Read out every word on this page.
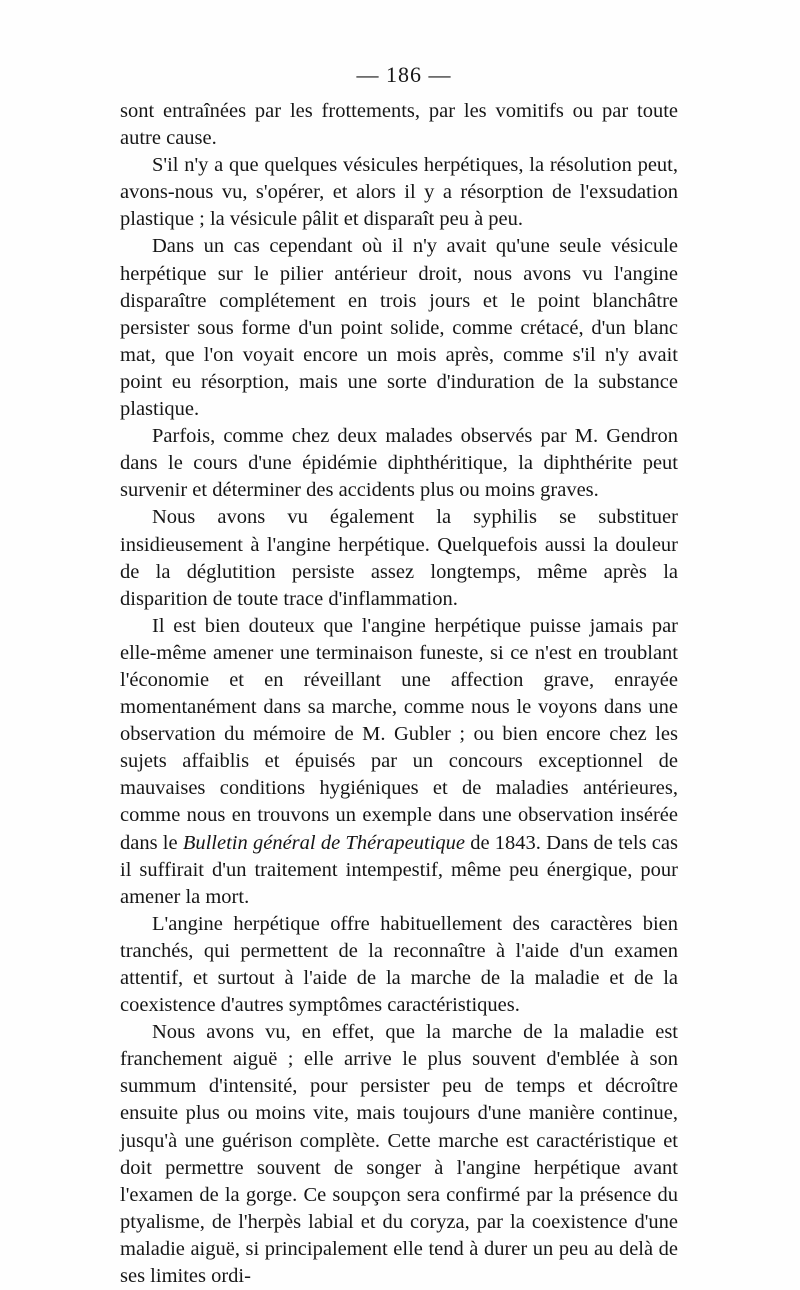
— 186 —

sont entraînées par les frottements, par les vomitifs ou par toute autre cause.

S'il n'y a que quelques vésicules herpétiques, la résolution peut, avons-nous vu, s'opérer, et alors il y a résorption de l'exsudation plastique ; la vésicule pâlit et disparaît peu à peu.

Dans un cas cependant où il n'y avait qu'une seule vésicule herpétique sur le pilier antérieur droit, nous avons vu l'angine disparaître complétement en trois jours et le point blanchâtre persister sous forme d'un point solide, comme crétacé, d'un blanc mat, que l'on voyait encore un mois après, comme s'il n'y avait point eu résorption, mais une sorte d'induration de la substance plastique.

Parfois, comme chez deux malades observés par M. Gendron dans le cours d'une épidémie diphthéritique, la diphthérite peut survenir et déterminer des accidents plus ou moins graves.

Nous avons vu également la syphilis se substituer insidieusement à l'angine herpétique. Quelquefois aussi la douleur de la déglutition persiste assez longtemps, même après la disparition de toute trace d'inflammation.

Il est bien douteux que l'angine herpétique puisse jamais par elle-même amener une terminaison funeste, si ce n'est en troublant l'économie et en réveillant une affection grave, enrayée momentanément dans sa marche, comme nous le voyons dans une observation du mémoire de M. Gubler ; ou bien encore chez les sujets affaiblis et épuisés par un concours exceptionnel de mauvaises conditions hygiéniques et de maladies antérieures, comme nous en trouvons un exemple dans une observation insérée dans le Bulletin général de Thérapeutique de 1843. Dans de tels cas il suffirait d'un traitement intempestif, même peu énergique, pour amener la mort.

L'angine herpétique offre habituellement des caractères bien tranchés, qui permettent de la reconnaître à l'aide d'un examen attentif, et surtout à l'aide de la marche de la maladie et de la coexistence d'autres symptômes caractéristiques.

Nous avons vu, en effet, que la marche de la maladie est franchement aiguë ; elle arrive le plus souvent d'emblée à son summum d'intensité, pour persister peu de temps et décroître ensuite plus ou moins vite, mais toujours d'une manière continue, jusqu'à une guérison complète. Cette marche est caractéristique et doit permettre souvent de songer à l'angine herpétique avant l'examen de la gorge. Ce soupçon sera confirmé par la présence du ptyalisme, de l'herpès labial et du coryza, par la coexistence d'une maladie aiguë, si principalement elle tend à durer un peu au delà de ses limites ordi-
